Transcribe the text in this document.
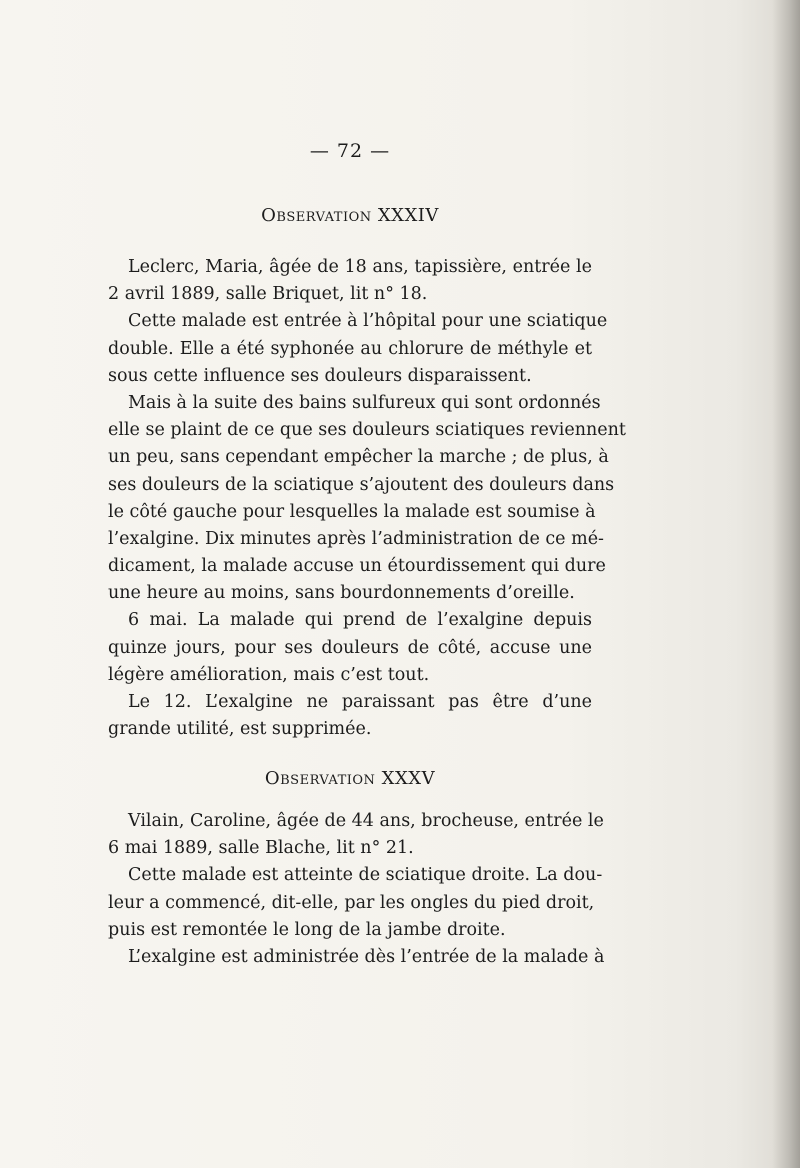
— 72 —
Observation XXXIV
Leclerc, Maria, âgée de 18 ans, tapissière, entrée le
2 avril 1889, salle Briquet, lit n° 18.
Cette malade est entrée à l’hôpital pour une sciatique
double. Elle a été syphonée au chlorure de méthyle et
sous cette influence ses douleurs disparaissent.
Mais à la suite des bains sulfureux qui sont ordonnés
elle se plaint de ce que ses douleurs sciatiques reviennent
un peu, sans cependant empêcher la marche ; de plus, à
ses douleurs de la sciatique s’ajoutent des douleurs dans
le côté gauche pour lesquelles la malade est soumise à
l’exalgine. Dix minutes après l’administration de ce mé-
dicament, la malade accuse un étourdissement qui dure
une heure au moins, sans bourdonnements d’oreille.
6 mai. La malade qui prend de l’exalgine depuis
quinze jours, pour ses douleurs de côté, accuse une
légère amélioration, mais c’est tout.
Le 12. L’exalgine ne paraissant pas être d’une
grande utilité, est supprimée.
Observation XXXV
Vilain, Caroline, âgée de 44 ans, brocheuse, entrée le
6 mai 1889, salle Blache, lit n° 21.
Cette malade est atteinte de sciatique droite. La dou-
leur a commencé, dit-elle, par les ongles du pied droit,
puis est remontée le long de la jambe droite.
L’exalgine est administrée dès l’entrée de la malade à
